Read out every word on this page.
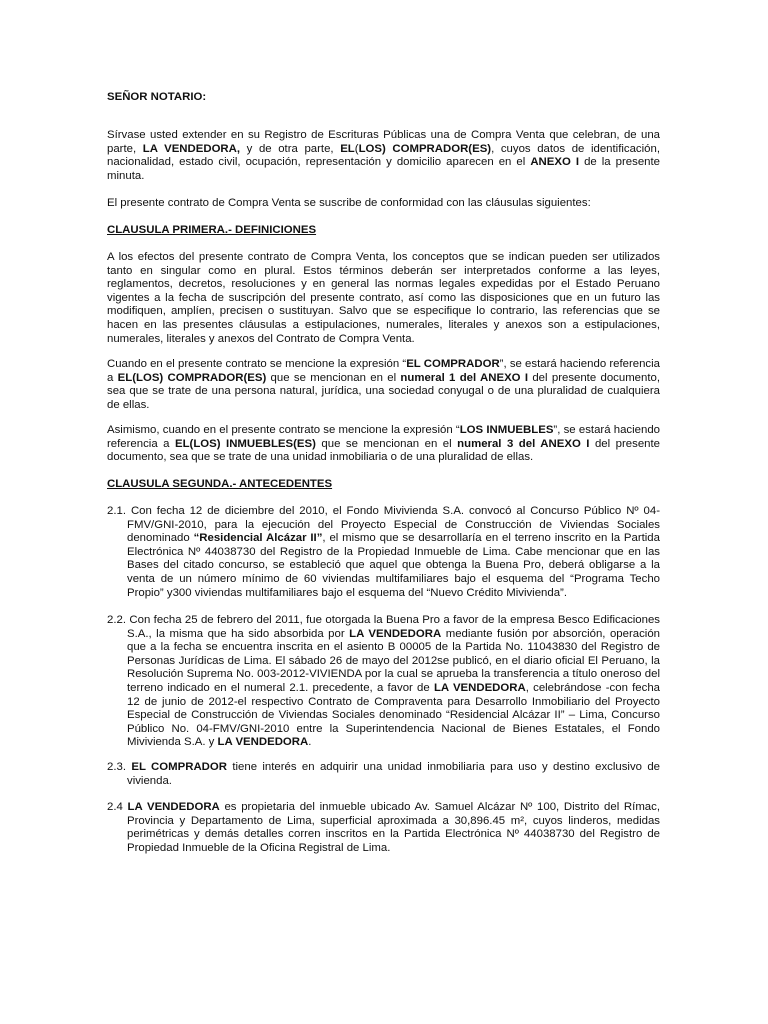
SEÑOR NOTARIO:

Sírvase usted extender en su Registro de Escrituras Públicas una de Compra Venta que celebran, de una parte, LA VENDEDORA, y de otra parte, EL(LOS) COMPRADOR(ES), cuyos datos de identificación, nacionalidad, estado civil, ocupación, representación y domicilio aparecen en el ANEXO I de la presente minuta.

El presente contrato de Compra Venta se suscribe de conformidad con las cláusulas siguientes:

CLAUSULA PRIMERA.- DEFINICIONES

A los efectos del presente contrato de Compra Venta, los conceptos que se indican pueden ser utilizados tanto en singular como en plural. Estos términos deberán ser interpretados conforme a las leyes, reglamentos, decretos, resoluciones y en general las normas legales expedidas por el Estado Peruano vigentes a la fecha de suscripción del presente contrato, así como las disposiciones que en un futuro las modifiquen, amplíen, precisen o sustituyan. Salvo que se especifique lo contrario, las referencias que se hacen en las presentes cláusulas a estipulaciones, numerales, literales y anexos son a estipulaciones, numerales, literales y anexos del Contrato de Compra Venta.

Cuando en el presente contrato se mencione la expresión “EL COMPRADOR”, se estará haciendo referencia a EL(LOS) COMPRADOR(ES) que se mencionan en el numeral 1 del ANEXO I del presente documento, sea que se trate de una persona natural, jurídica, una sociedad conyugal o de una pluralidad de cualquiera de ellas.

Asimismo, cuando en el presente contrato se mencione la expresión “LOS INMUEBLES”, se estará haciendo referencia a EL(LOS) INMUEBLES(ES) que se mencionan en el numeral 3 del ANEXO I del presente documento, sea que se trate de una unidad inmobiliaria o de una pluralidad de ellas.

CLAUSULA SEGUNDA.- ANTECEDENTES

2.1. Con fecha 12 de diciembre del 2010, el Fondo Mivivienda S.A. convocó al Concurso Público Nº 04-FMV/GNI-2010, para la ejecución del Proyecto Especial de Construcción de Viviendas Sociales denominado “Residencial Alcázar II”, el mismo que se desarrollaría en el terreno inscrito en la Partida Electrónica Nº 44038730 del Registro de la Propiedad Inmueble de Lima. Cabe mencionar que en las Bases del citado concurso, se estableció que aquel que obtenga la Buena Pro, deberá obligarse a la venta de un número mínimo de 60 viviendas multifamiliares bajo el esquema del “Programa Techo Propio” y300 viviendas multifamiliares bajo el esquema del “Nuevo Crédito Mivivienda”.

2.2. Con fecha 25 de febrero del 2011, fue otorgada la Buena Pro a favor de la empresa Besco Edificaciones S.A., la misma que ha sido absorbida por LA VENDEDORA mediante fusión por absorción, operación que a la fecha se encuentra inscrita en el asiento B 00005 de la Partida No. 11043830 del Registro de Personas Jurídicas de Lima. El sábado 26 de mayo del 2012se publicó, en el diario oficial El Peruano, la Resolución Suprema No. 003-2012-VIVIENDA por la cual se aprueba la transferencia a título oneroso del terreno indicado en el numeral 2.1. precedente, a favor de LA VENDEDORA, celebrándose -con fecha 12 de junio de 2012-el respectivo Contrato de Compraventa para Desarrollo Inmobiliario del Proyecto Especial de Construcción de Viviendas Sociales denominado “Residencial Alcázar II” – Lima, Concurso Público No. 04-FMV/GNI-2010 entre la Superintendencia Nacional de Bienes Estatales, el Fondo Mivivienda S.A. y LA VENDEDORA.

2.3. EL COMPRADOR tiene interés en adquirir una unidad inmobiliaria para uso y destino exclusivo de vivienda.

2.4 LA VENDEDORA es propietaria del inmueble ubicado Av. Samuel Alcázar Nº 100, Distrito del Rímac, Provincia y Departamento de Lima, superficial aproximada a 30,896.45 m², cuyos linderos, medidas perimétricas y demás detalles corren inscritos en la Partida Electrónica Nº 44038730 del Registro de Propiedad Inmueble de la Oficina Registral de Lima.
